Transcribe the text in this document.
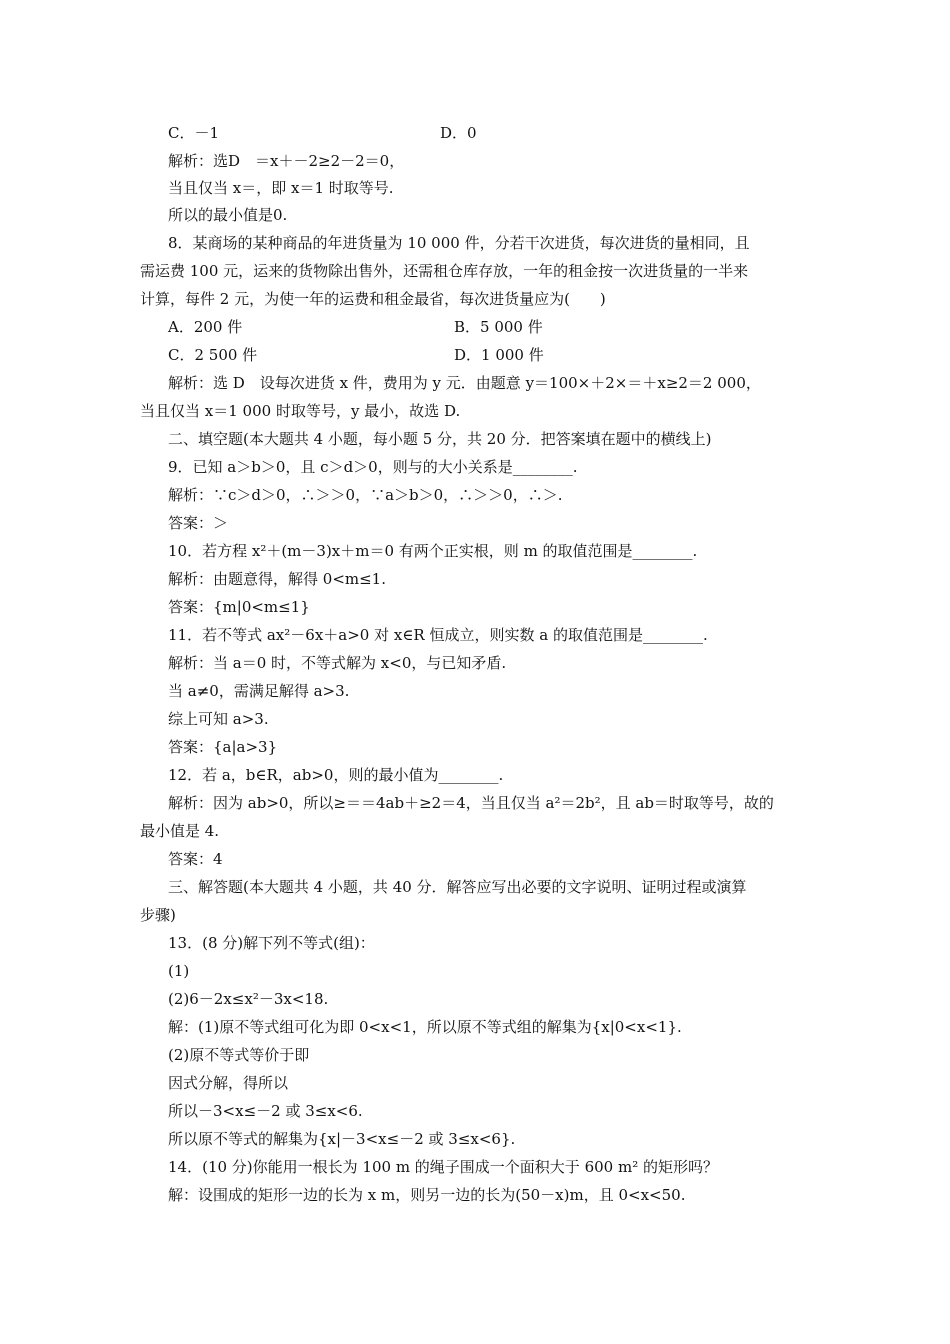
C．－1	D．0
解析：选D　＝x＋－2≥2－2＝0，
当且仅当 x＝，即 x＝1 时取等号.
所以的最小值是0.
8．某商场的某种商品的年进货量为 10 000 件，分若干次进货，每次进货的量相同，且
需运费 100 元，运来的货物除出售外，还需租仓库存放，一年的租金按一次进货量的一半来
计算，每件 2 元，为使一年的运费和租金最省，每次进货量应为(　　)
A．200 件	B．5 000 件
C．2 500 件	D．1 000 件
解析：选 D　设每次进货 x 件，费用为 y 元．由题意 y＝100×＋2×＝＋x≥2＝2 000，
当且仅当 x＝1 000 时取等号，y 最小，故选 D.
二、填空题(本大题共 4 小题，每小题 5 分，共 20 分．把答案填在题中的横线上)
9．已知 a＞b＞0，且 c＞d＞0，则与的大小关系是________.
解析：∵c＞d＞0，∴＞＞0，∵a＞b＞0，∴＞＞0，∴＞.
答案：＞
10．若方程 x²＋(m－3)x＋m＝0 有两个正实根，则 m 的取值范围是________.
解析：由题意得，解得 0<m≤1.
答案：{m|0<m≤1}
11．若不等式 ax²－6x＋a>0 对 x∈R 恒成立，则实数 a 的取值范围是________.
解析：当 a＝0 时，不等式解为 x<0，与已知矛盾.
当 a≠0，需满足解得 a>3.
综上可知 a>3.
答案：{a|a>3}
12．若 a，b∈R，ab>0，则的最小值为________.
解析：因为 ab>0，所以≥＝＝4ab＋≥2＝4，当且仅当 a²＝2b²，且 ab＝时取等号，故的
最小值是 4.
答案：4
三、解答题(本大题共 4 小题，共 40 分．解答应写出必要的文字说明、证明过程或演算
步骤)
13．(8 分)解下列不等式(组)：
(1)
(2)6－2x≤x²－3x<18.
解：(1)原不等式组可化为即 0<x<1，所以原不等式组的解集为{x|0<x<1}.
(2)原不等式等价于即
因式分解，得所以
所以－3<x≤－2 或 3≤x<6.
所以原不等式的解集为{x|－3<x≤－2 或 3≤x<6}.
14．(10 分)你能用一根长为 100 m 的绳子围成一个面积大于 600 m² 的矩形吗？
解：设围成的矩形一边的长为 x m，则另一边的长为(50－x)m，且 0<x<50.
